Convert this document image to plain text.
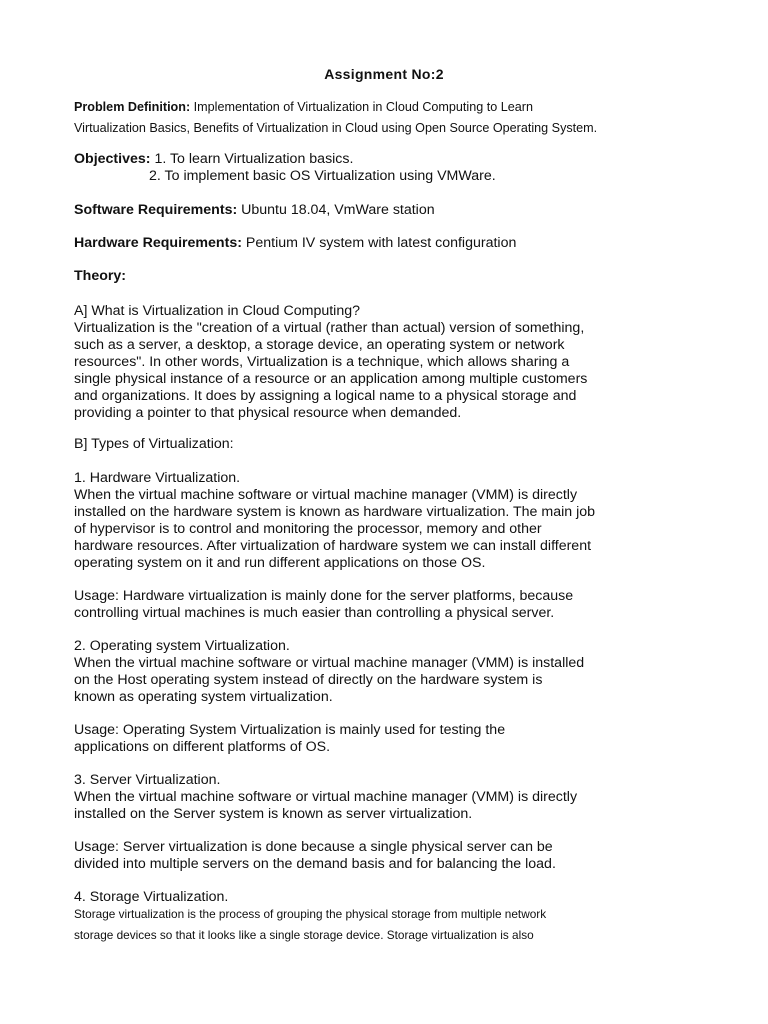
Assignment No:2

Problem Definition: Implementation of Virtualization in Cloud Computing to Learn

Virtualization Basics, Benefits of Virtualization in Cloud using Open Source Operating System.

Objectives: 1. To learn Virtualization basics.

2. To implement basic OS Virtualization using VMWare.

Software Requirements: Ubuntu 18.04, VmWare station

Hardware Requirements: Pentium IV system with latest configuration

Theory:

A] What is Virtualization in Cloud Computing?

Virtualization is the "creation of a virtual (rather than actual) version of something,

such as a server, a desktop, a storage device, an operating system or network

resources". In other words, Virtualization is a technique, which allows sharing a

single physical instance of a resource or an application among multiple customers

and organizations. It does by assigning a logical name to a physical storage and

providing a pointer to that physical resource when demanded.

B] Types of Virtualization:

1. Hardware Virtualization.

When the virtual machine software or virtual machine manager (VMM) is directly

installed on the hardware system is known as hardware virtualization. The main job

of hypervisor is to control and monitoring the processor, memory and other

hardware resources. After virtualization of hardware system we can install different

operating system on it and run different applications on those OS.

Usage: Hardware virtualization is mainly done for the server platforms, because

controlling virtual machines is much easier than controlling a physical server.

2. Operating system Virtualization.

When the virtual machine software or virtual machine manager (VMM) is installed

on the Host operating system instead of directly on the hardware system is

known as operating system virtualization.

Usage: Operating System Virtualization is mainly used for testing the

applications on different platforms of OS.

3. Server Virtualization.

When the virtual machine software or virtual machine manager (VMM) is directly

installed on the Server system is known as server virtualization.

Usage: Server virtualization is done because a single physical server can be

divided into multiple servers on the demand basis and for balancing the load.

4. Storage Virtualization.

Storage virtualization is the process of grouping the physical storage from multiple network

storage devices so that it looks like a single storage device. Storage virtualization is also
